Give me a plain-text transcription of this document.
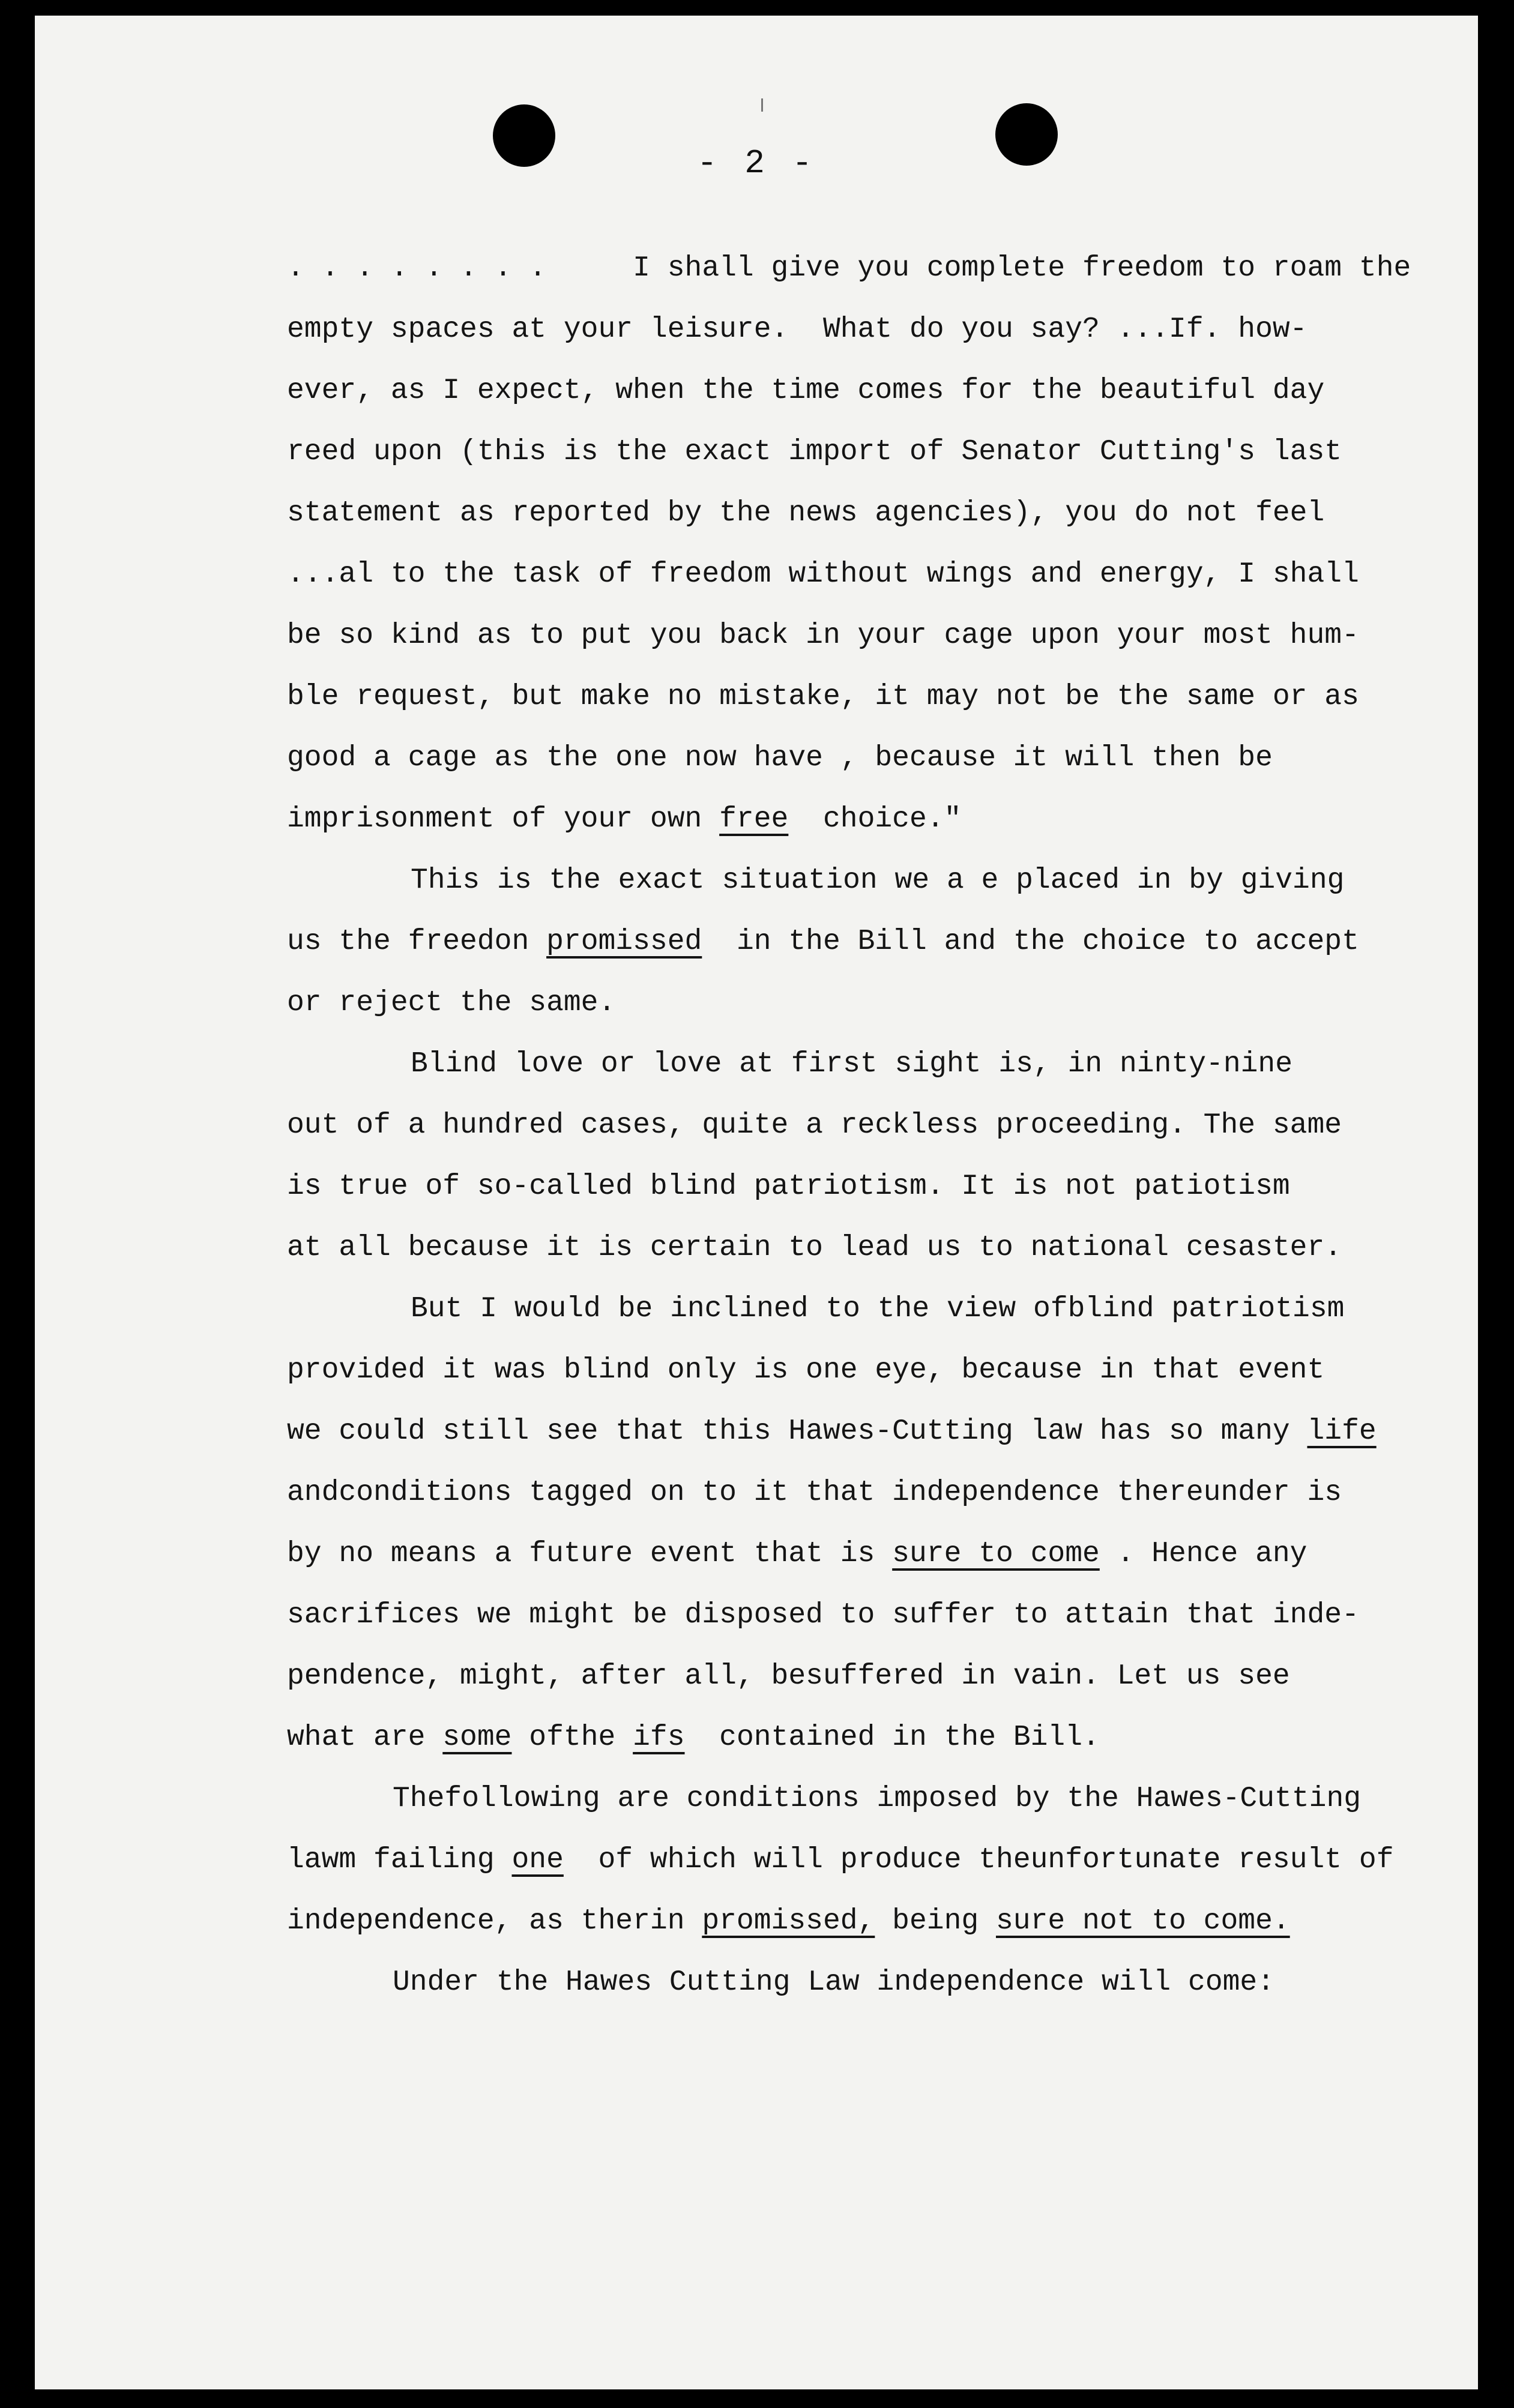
- 2 -
. . . . . . . .     I shall give you complete freedom to roam the
empty spaces at your leisure.  What do you say? ...If. how-
ever, as I expect, when the time comes for the beautiful day
reed upon (this is the exact import of Senator Cutting's last
statement as reported by the news agencies), you do not feel
...al to the task of freedom without wings and energy, I shall
be so kind as to put you back in your cage upon your most hum-
ble request, but make no mistake, it may not be the same or as
good a cage as the one now have , because it will then be
imprisonment of your own free  choice."
This is the exact situation we a e placed in by giving
us the freedon promissed  in the Bill and the choice to accept
or reject the same.
Blind love or love at first sight is, in ninty-nine
out of a hundred cases, quite a reckless proceeding. The same
is true of so-called blind patriotism. It is not patiotism
at all because it is certain to lead us to national cesaster.
But I would be inclined to the view ofblind patriotism
provided it was blind only is one eye, because in that event
we could still see that this Hawes-Cutting law has so many life
andconditions tagged on to it that independence thereunder is
by no means a future event that is sure to come . Hence any
sacrifices we might be disposed to suffer to attain that inde-
pendence, might, after all, besuffered in vain. Let us see
what are some ofthe ifs  contained in the Bill.
Thefollowing are conditions imposed by the Hawes-Cutting
lawm failing one  of which will produce theunfortunate result of
independence, as therin promissed, being sure not to come.
Under the Hawes Cutting Law independence will come:
